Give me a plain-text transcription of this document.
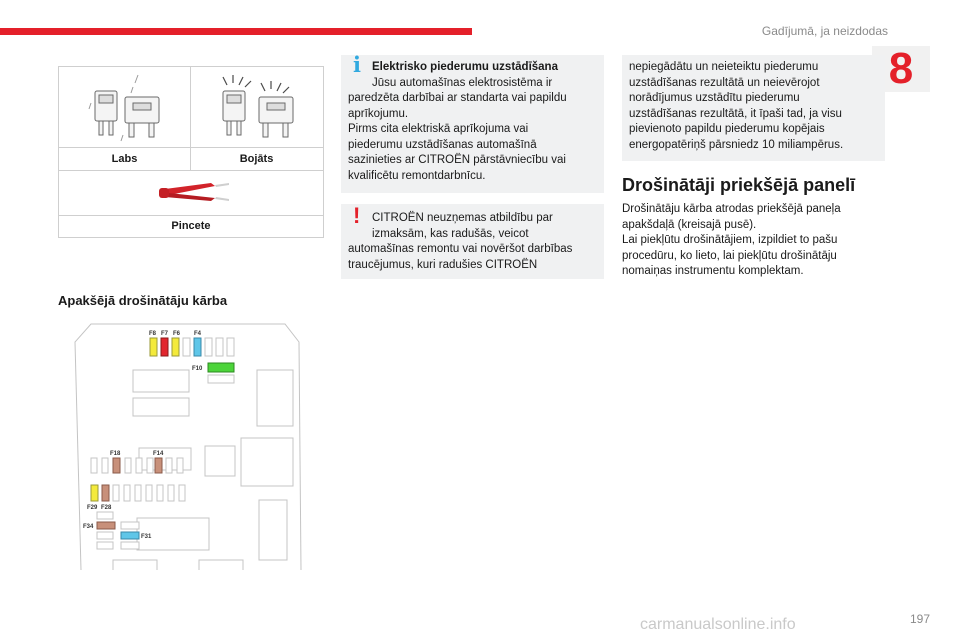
Gadījumā, ja neizdodas
8
Labs	Bojāts
Pincete
Apakšējā drošinātāju kārba
F8 F7 F6 F4
F10
F18	F14
F29 F28
F34
F31
i Elektrisko piederumu uzstādīšana

Jūsu automašīnas elektrosistēma ir

paredzēta darbībai ar standarta vai papildu

aprīkojumu.

Pirms cita elektriskā aprīkojuma vai

piederumu uzstādīšanas automašīnā

sazinieties ar CITROËN pārstāvniecību vai

kvalificētu remontdarbnīcu.

!	CITROËN neuzņemas atbildību par

izmaksām, kas radušās, veicot

automašīnas remontu vai novēršot darbības

traucējumus, kuri radušies CITROËN

nepiegādātu un neieteiktu piederumu

uzstādīšanas rezultātā un neievērojot

norādījumus uzstādītu piederumu

uzstādīšanas rezultātā, it īpaši tad, ja visu

pievienoto papildu piederumu kopējais

energopatēriņš pārsniedz 10 miliampērus.

Drošinātāji priekšējā panelī

Drošinātāju kārba atrodas priekšējā paneļa

apakšdaļā (kreisajā pusē).

Lai piekļūtu drošinātājiem, izpildiet to pašu

procedūru, ko lieto, lai piekļūtu drošinātāju

nomaiņas instrumentu komplektam.

carmanualsonline.info	197
